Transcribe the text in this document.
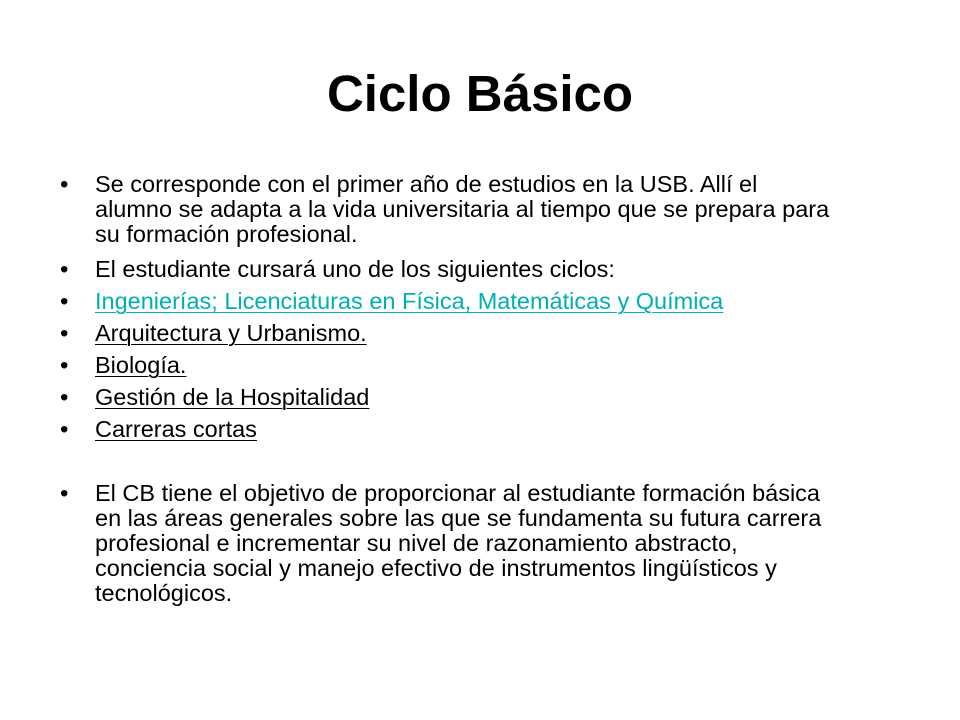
Ciclo Básico
•	Se corresponde con el primer año de estudios en la USB. Allí el alumno se adapta a la vida universitaria al tiempo que se prepara para su formación profesional.
•	El estudiante cursará uno de los siguientes ciclos:
•	Ingenierías; Licenciaturas en Física, Matemáticas y Química
•	Arquitectura y Urbanismo.
•	Biología.
•	Gestión de la Hospitalidad
•	Carreras cortas
•	El CB tiene el objetivo de proporcionar al estudiante formación básica en las áreas generales sobre las que se fundamenta su futura carrera profesional e incrementar su nivel de razonamiento abstracto, conciencia social y manejo efectivo de instrumentos lingüísticos y tecnológicos.
